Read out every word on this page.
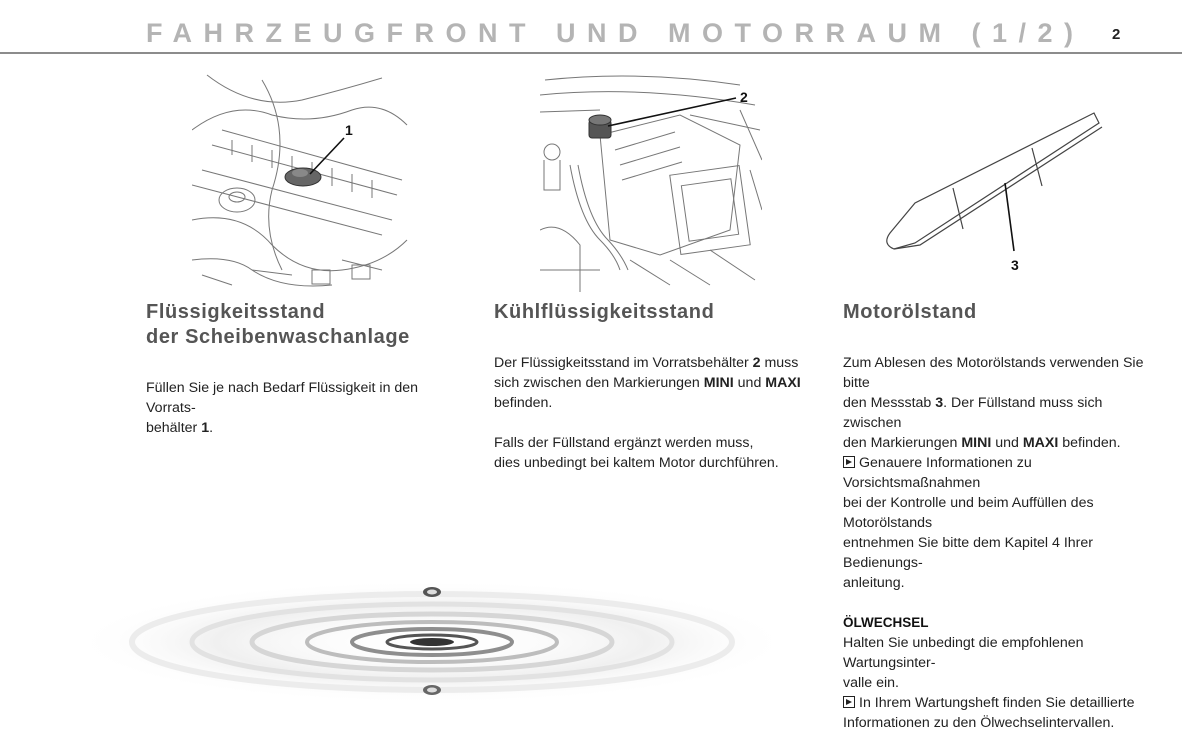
FAHRZEUGFRONT UND MOTORRAUM (1/2) 2
1
2
3
Flüssigkeitsstand
der Scheibenwaschanlage

Füllen Sie je nach Bedarf Flüssigkeit in den Vorrats-
behälter 1.

Kühlflüssigkeitsstand

Der Flüssigkeitsstand im Vorratsbehälter 2 muss
sich zwischen den Markierungen MINI und MAXI
befinden.

Falls der Füllstand ergänzt werden muss,
dies unbedingt bei kaltem Motor durchführen.

Motorölstand

Zum Ablesen des Motorölstands verwenden Sie bitte
den Messstab 3. Der Füllstand muss sich zwischen
den Markierungen MINI und MAXI befinden.
Genauere Informationen zu Vorsichtsmaßnahmen
bei der Kontrolle und beim Auffüllen des Motorölstands
entnehmen Sie bitte dem Kapitel 4 Ihrer Bedienungs-
anleitung.

ÖLWECHSEL

Halten Sie unbedingt die empfohlenen Wartungsinter-
valle ein.
In Ihrem Wartungsheft finden Sie detaillierte
Informationen zu den Ölwechselintervallen.
